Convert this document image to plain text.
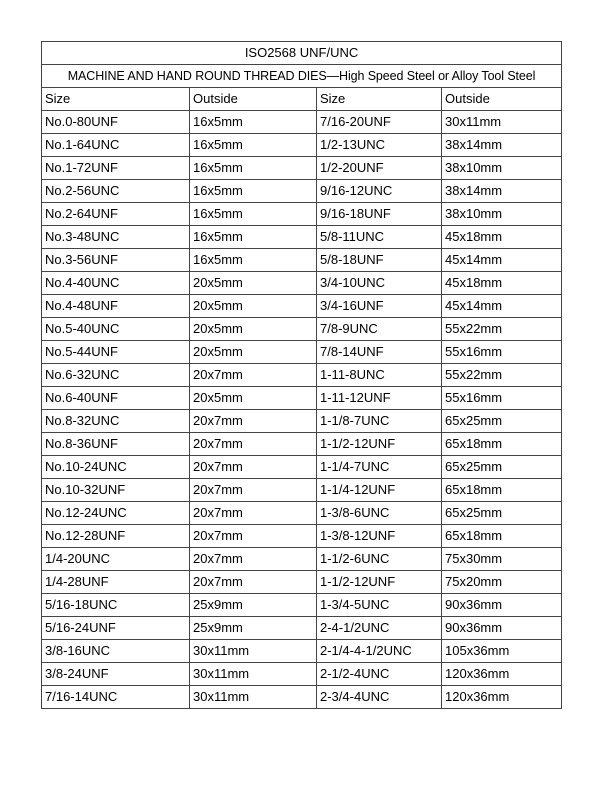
ISO2568 UNF/UNC			
MACHINE AND HAND ROUND THREAD DIES—High Speed Steel or Alloy Tool Steel			
Size	Outside	Size	Outside
No.0-80UNF	16x5mm	7/16-20UNF	30x11mm
No.1-64UNC	16x5mm	1/2-13UNC	38x14mm
No.1-72UNF	16x5mm	1/2-20UNF	38x10mm
No.2-56UNC	16x5mm	9/16-12UNC	38x14mm
No.2-64UNF	16x5mm	9/16-18UNF	38x10mm
No.3-48UNC	16x5mm	5/8-11UNC	45x18mm
No.3-56UNF	16x5mm	5/8-18UNF	45x14mm
No.4-40UNC	20x5mm	3/4-10UNC	45x18mm
No.4-48UNF	20x5mm	3/4-16UNF	45x14mm
No.5-40UNC	20x5mm	7/8-9UNC	55x22mm
No.5-44UNF	20x5mm	7/8-14UNF	55x16mm
No.6-32UNC	20x7mm	1-11-8UNC	55x22mm
No.6-40UNF	20x5mm	1-11-12UNF	55x16mm
No.8-32UNC	20x7mm	1-1/8-7UNC	65x25mm
No.8-36UNF	20x7mm	1-1/2-12UNF	65x18mm
No.10-24UNC	20x7mm	1-1/4-7UNC	65x25mm
No.10-32UNF	20x7mm	1-1/4-12UNF	65x18mm
No.12-24UNC	20x7mm	1-3/8-6UNC	65x25mm
No.12-28UNF	20x7mm	1-3/8-12UNF	65x18mm
1/4-20UNC	20x7mm	1-1/2-6UNC	75x30mm
1/4-28UNF	20x7mm	1-1/2-12UNF	75x20mm
5/16-18UNC	25x9mm	1-3/4-5UNC	90x36mm
5/16-24UNF	25x9mm	2-4-1/2UNC	90x36mm
3/8-16UNC	30x11mm	2-1/4-4-1/2UNC	105x36mm
3/8-24UNF	30x11mm	2-1/2-4UNC	120x36mm
7/16-14UNC	30x11mm	2-3/4-4UNC	120x36mm
